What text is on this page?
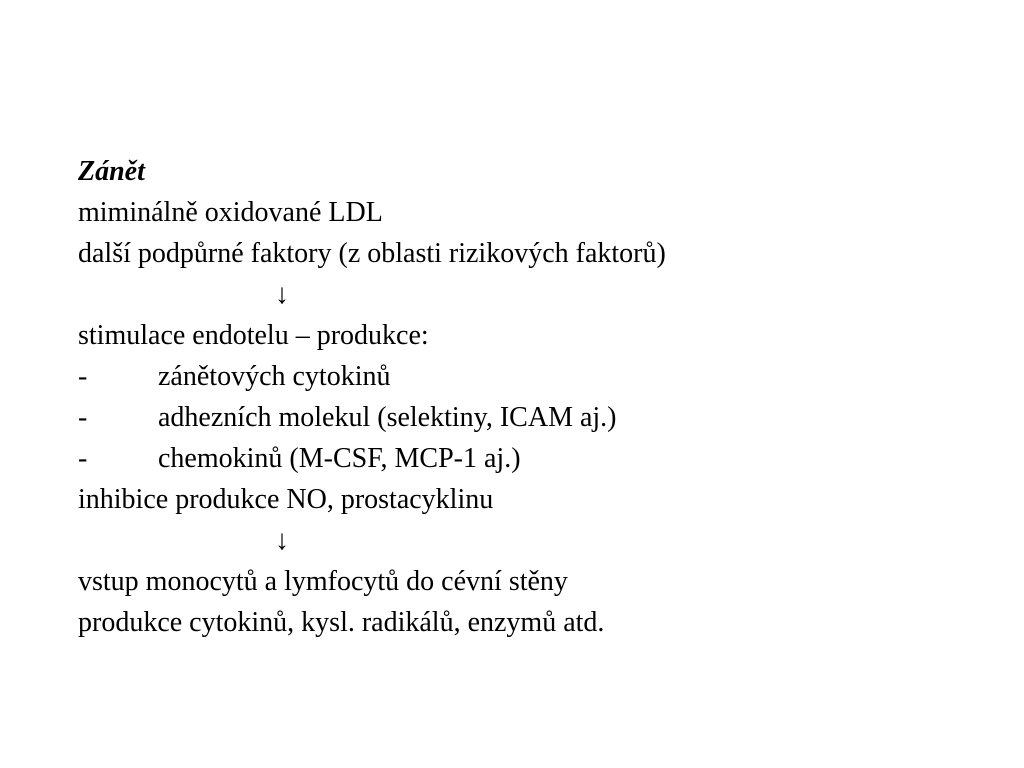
Zánět
miminálně oxidované LDL
další podpůrné faktory (z oblasti rizikových faktorů)
↓
stimulace endotelu – produkce:
-	zánětových cytokinů
-	adhezních molekul (selektiny, ICAM aj.)
-	chemokinů (M-CSF, MCP-1 aj.)
inhibice produkce NO, prostacyklinu
↓
vstup monocytů a lymfocytů do cévní stěny
produkce cytokinů, kysl. radikálů, enzymů atd.
